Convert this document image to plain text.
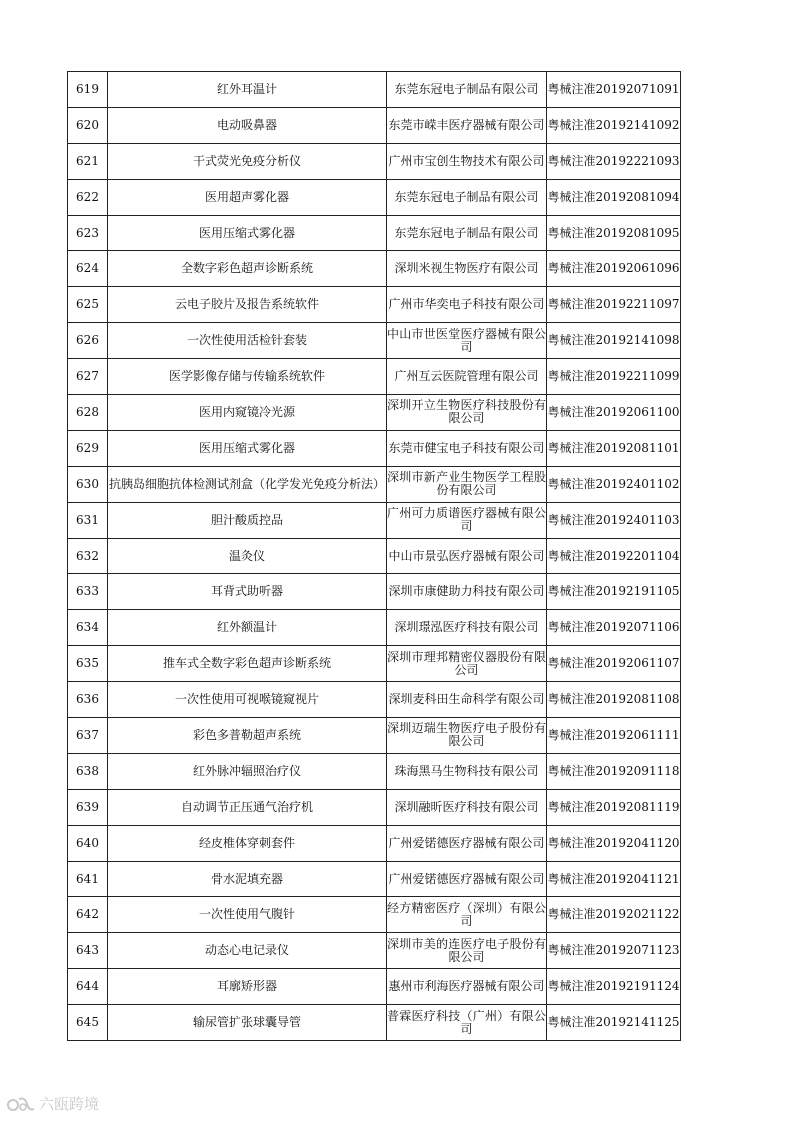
619	红外耳温计	东莞东冠电子制品有限公司	粤械注准20192071091
620	电动吸鼻器	东莞市嵘丰医疗器械有限公司	粤械注准20192141092
621	干式荧光免疫分析仪	广州市宝创生物技术有限公司	粤械注准20192221093
622	医用超声雾化器	东莞东冠电子制品有限公司	粤械注准20192081094
623	医用压缩式雾化器	东莞东冠电子制品有限公司	粤械注准20192081095
624	全数字彩色超声诊断系统	深圳米视生物医疗有限公司	粤械注准20192061096
625	云电子胶片及报告系统软件	广州市华奕电子科技有限公司	粤械注准20192211097
626	一次性使用活检针套装	中山市世医堂医疗器械有限公司	粤械注准20192141098
627	医学影像存储与传输系统软件	广州互云医院管理有限公司	粤械注准20192211099
628	医用内窥镜冷光源	深圳开立生物医疗科技股份有限公司	粤械注准20192061100
629	医用压缩式雾化器	东莞市健宝电子科技有限公司	粤械注准20192081101
630	抗胰岛细胞抗体检测试剂盒（化学发光免疫分析法）	深圳市新产业生物医学工程股份有限公司	粤械注准20192401102
631	胆汁酸质控品	广州可力质谱医疗器械有限公司	粤械注准20192401103
632	温灸仪	中山市景弘医疗器械有限公司	粤械注准20192201104
633	耳背式助听器	深圳市康健助力科技有限公司	粤械注准20192191105
634	红外额温计	深圳璟泓医疗科技有限公司	粤械注准20192071106
635	推车式全数字彩色超声诊断系统	深圳市理邦精密仪器股份有限公司	粤械注准20192061107
636	一次性使用可视喉镜窥视片	深圳麦科田生命科学有限公司	粤械注准20192081108
637	彩色多普勒超声系统	深圳迈瑞生物医疗电子股份有限公司	粤械注准20192061111
638	红外脉冲辐照治疗仪	珠海黑马生物科技有限公司	粤械注准20192091118
639	自动调节正压通气治疗机	深圳融昕医疗科技有限公司	粤械注准20192081119
640	经皮椎体穿刺套件	广州爱锘德医疗器械有限公司	粤械注准20192041120
641	骨水泥填充器	广州爱锘德医疗器械有限公司	粤械注准20192041121
642	一次性使用气腹针	经方精密医疗（深圳）有限公司	粤械注准20192021122
643	动态心电记录仪	深圳市美的连医疗电子股份有限公司	粤械注准20192071123
644	耳廓矫形器	惠州市利海医疗器械有限公司	粤械注准20192191124
645	输尿管扩张球囊导管	普霖医疗科技（广州）有限公司	粤械注准20192141125
六瓯跨境
